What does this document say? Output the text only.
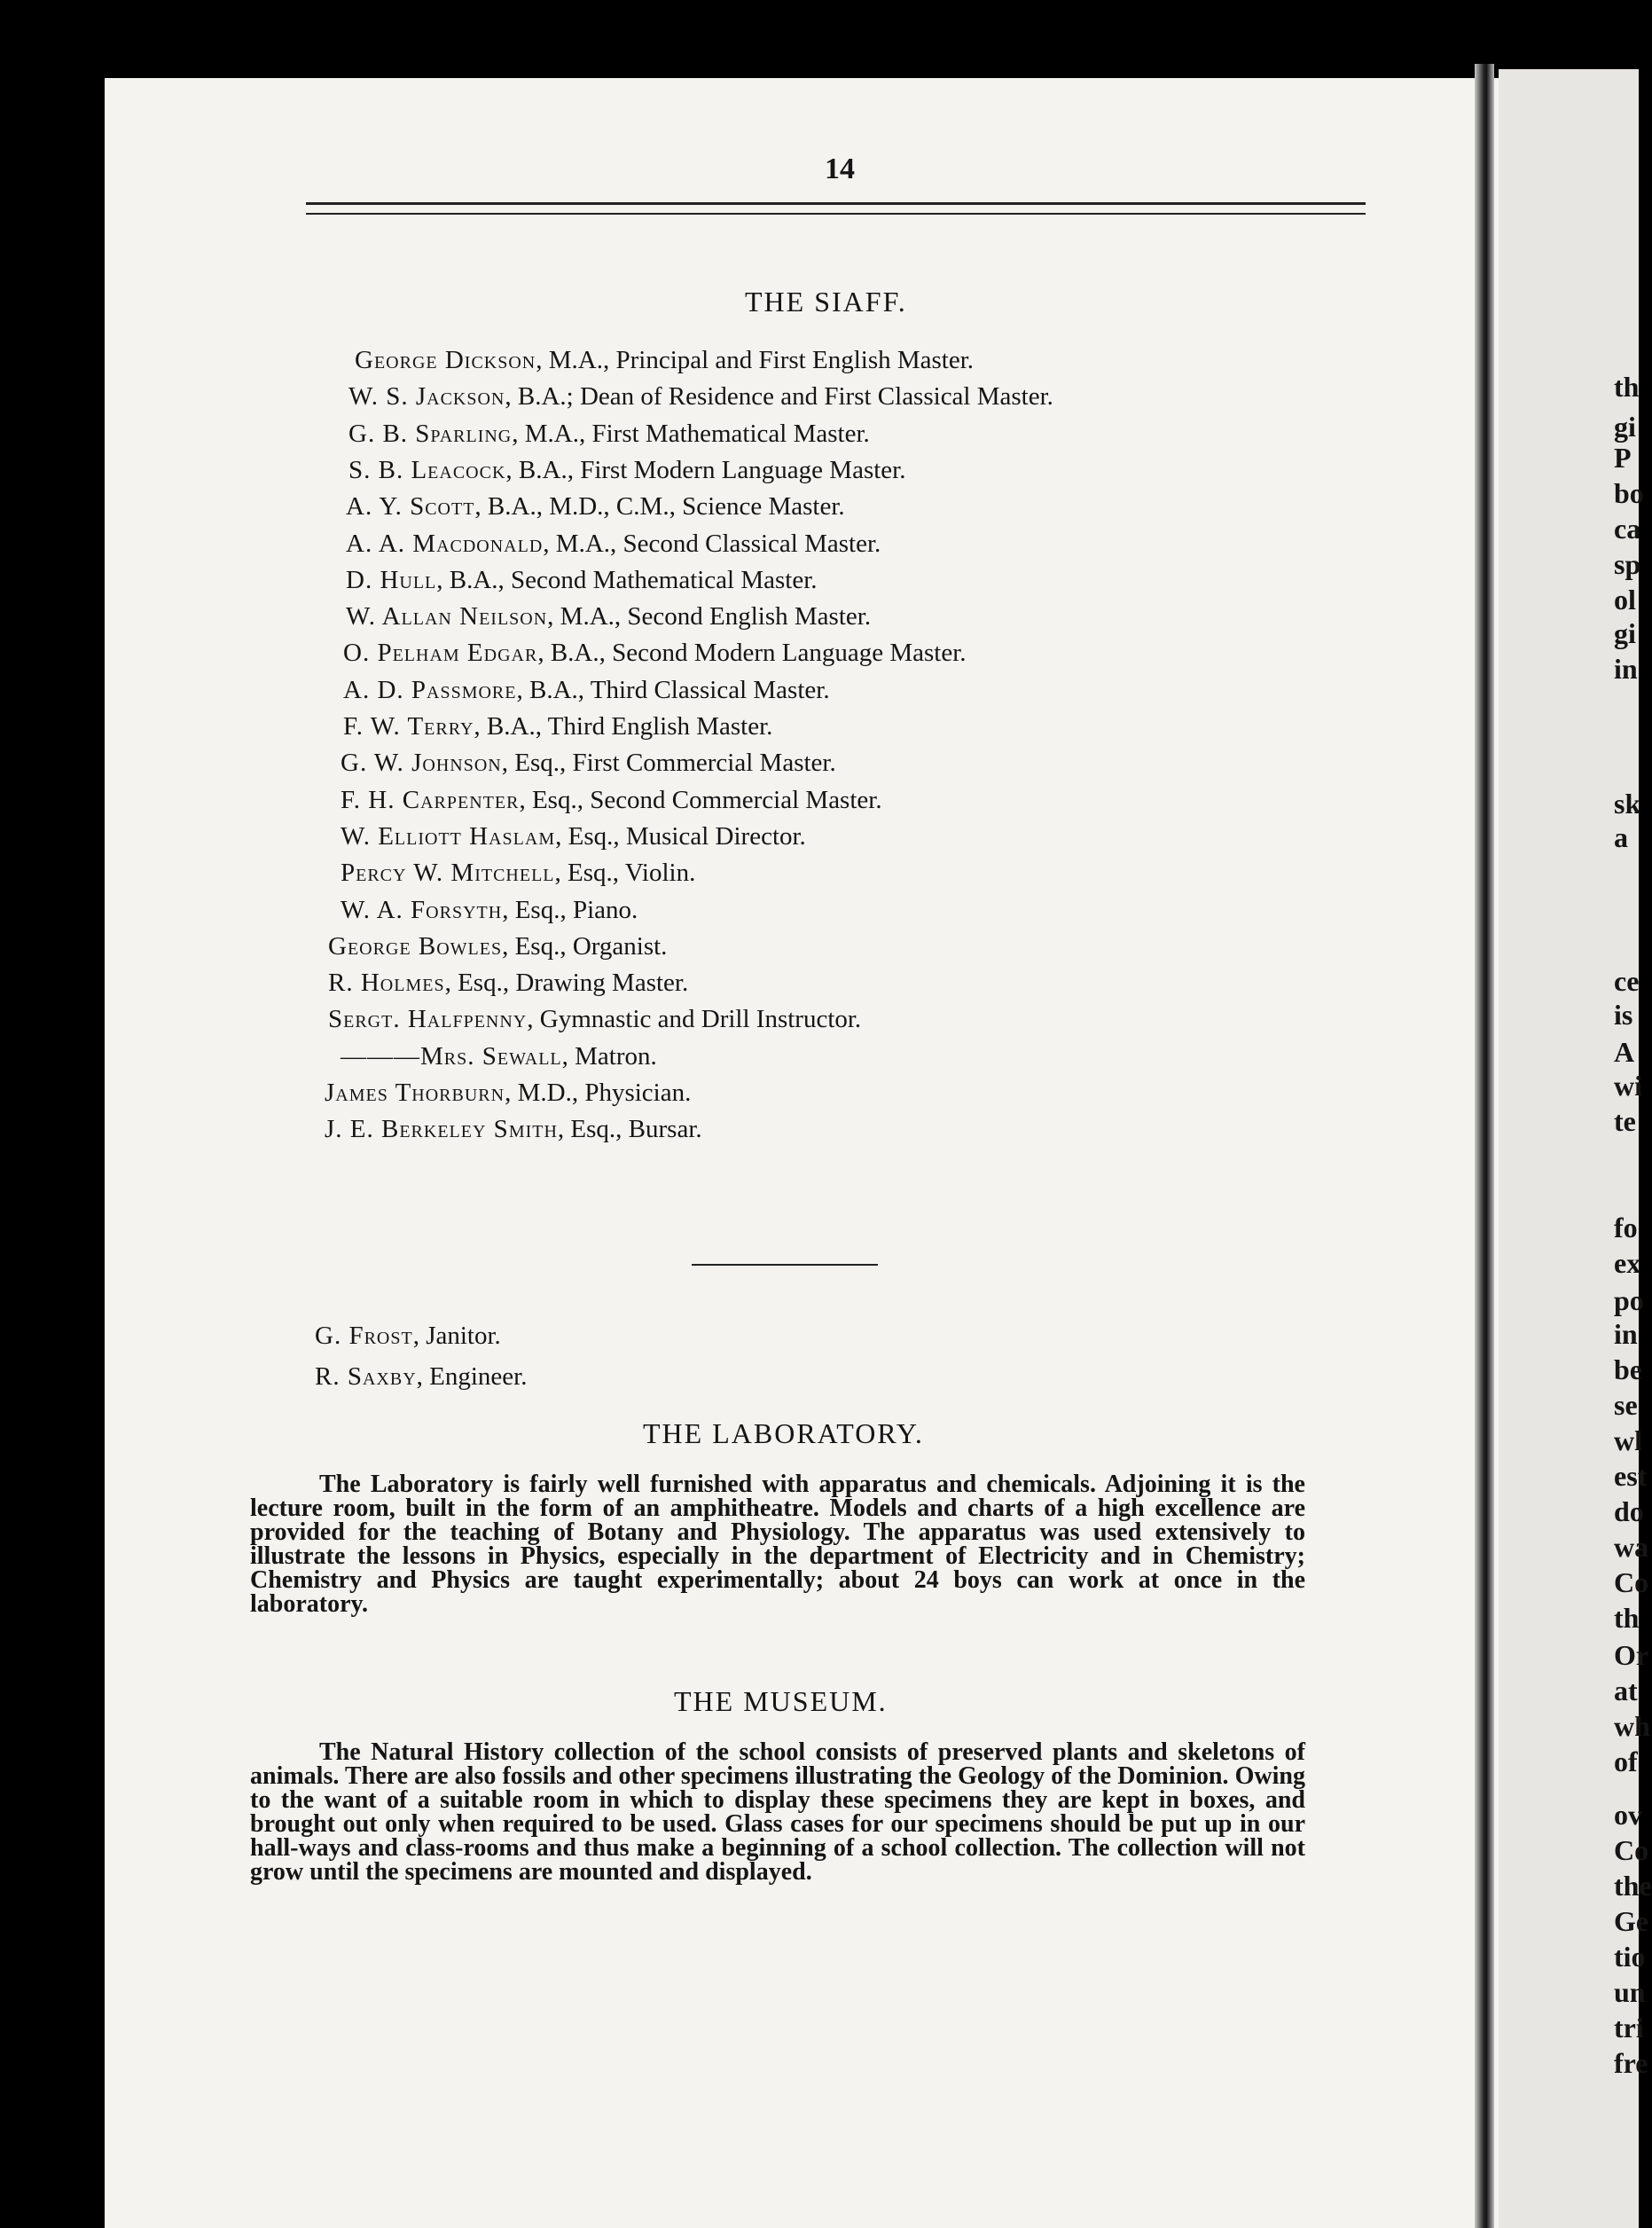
th
gi
P
bo
ca
sp
ol
gi
in
sk
a
ce
is
A
wi
te
fo
ex
po
in
be
se
wl
est
do
wa
Co
th
Or
at
wh
of
ov
Co
the
Ge
tio
un
tri
fre
14
THE SIAFF.
George Dickson, M.A., Principal and First English Master.
W. S. Jackson, B.A.; Dean of Residence and First Classical Master.
G. B. Sparling, M.A., First Mathematical Master.
S. B. Leacock, B.A., First Modern Language Master.
A. Y. Scott, B.A., M.D., C.M., Science Master.
A. A. Macdonald, M.A., Second Classical Master.
D. Hull, B.A., Second Mathematical Master.
W. Allan Neilson, M.A., Second English Master.
O. Pelham Edgar, B.A., Second Modern Language Master.
A. D. Passmore, B.A., Third Classical Master.
F. W. Terry, B.A., Third English Master.
G. W. Johnson, Esq., First Commercial Master.
F. H. Carpenter, Esq., Second Commercial Master.
W. Elliott Haslam, Esq., Musical Director.
Percy W. Mitchell, Esq., Violin.
W. A. Forsyth, Esq., Piano.
George Bowles, Esq., Organist.
R. Holmes, Esq., Drawing Master.
Sergt. Halfpenny, Gymnastic and Drill Instructor.
———Mrs. Sewall, Matron.
James Thorburn, M.D., Physician.
J. E. Berkeley Smith, Esq., Bursar.
G. Frost, Janitor.
R. Saxby, Engineer.
THE LABORATORY.

The Laboratory is fairly well furnished with apparatus and chemicals. Adjoining it is the lecture room, built in the form of an amphitheatre. Models and charts of a high excellence are provided for the teaching of Botany and Physiology. The apparatus was used extensively to illustrate the lessons in Physics, especially in the department of Electricity and in Chemistry; Chemistry and Physics are taught experimentally; about 24 boys can work at once in the laboratory.

THE MUSEUM.

The Natural History collection of the school consists of preserved plants and skeletons of animals. There are also fossils and other specimens illustrating the Geology of the Dominion. Owing to the want of a suitable room in which to display these specimens they are kept in boxes, and brought out only when required to be used. Glass cases for our specimens should be put up in our hall-ways and class-rooms and thus make a beginning of a school collection. The collection will not grow until the specimens are mounted and displayed.
